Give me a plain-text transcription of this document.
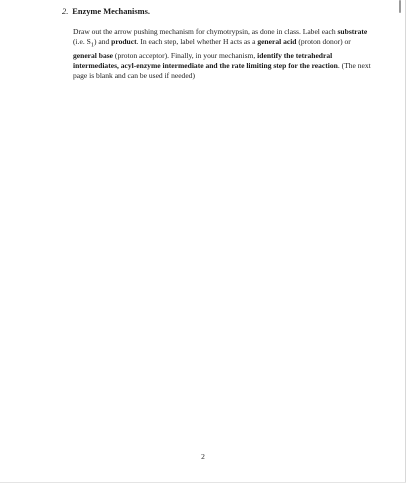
2. Enzyme Mechanisms.

Draw out the arrow pushing mechanism for chymotrypsin, as done in class. Label each substrate (i.e. $S_1$) and product. In each step, label whether H acts as a general acid (proton donor) or general base (proton acceptor). Finally, in your mechanism, identify the tetrahedral intermediates, acyl-enzyme intermediate and the rate limiting step for the reaction. (The next page is blank and can be used if needed)

2
